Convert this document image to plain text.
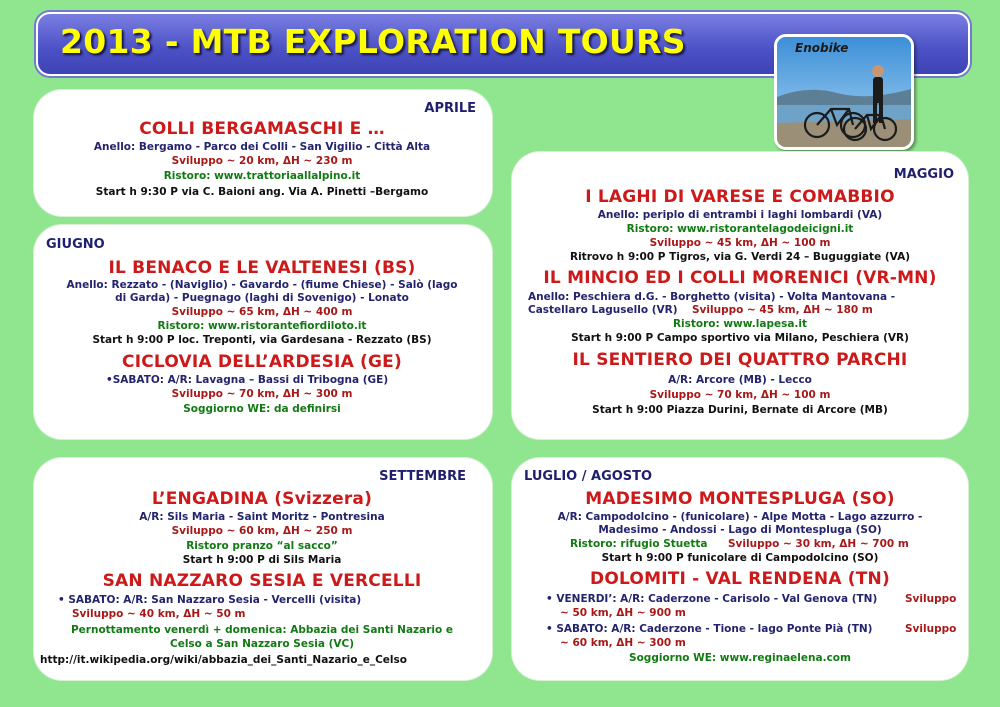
2013 - MTB EXPLORATION TOURS	Enobike
APRILE
COLLI BERGAMASCHI E …
Anello: Bergamo - Parco dei Colli - San Vigilio - Città Alta
Sviluppo ~ 20 km, ΔH ~ 230 m
Ristoro: www.trattoriaallalpino.it
Start h 9:30 P via C. Baioni ang. Via A. Pinetti –Bergamo
GIUGNO
IL BENACO E LE VALTENESI (BS)
Anello: Rezzato - (Naviglio) - Gavardo - (fiume Chiese) - Salò (lago
di Garda) - Puegnago (laghi di Sovenigo) - Lonato
Sviluppo ~ 65 km, ΔH ~ 400 m
Ristoro: www.ristorantefiordiloto.it
Start h 9:00 P loc. Treponti, via Gardesana - Rezzato (BS)
CICLOVIA DELL’ARDESIA (GE)
•SABATO: A/R: Lavagna – Bassi di Tribogna (GE)
Sviluppo ~ 70 km, ΔH ~ 300 m
Soggiorno WE: da definirsi
MAGGIO
I LAGHI DI VARESE E COMABBIO
Anello: periplo di entrambi i laghi lombardi (VA)
Ristoro: www.ristorantelagodeicigni.it
Sviluppo ~ 45 km, ΔH ~ 100 m
Ritrovo h 9:00 P Tigros, via G. Verdi 24 – Buguggiate (VA)
IL MINCIO ED I COLLI MORENICI (VR-MN)
Anello: Peschiera d.G. - Borghetto (visita) - Volta Mantovana -
Castellaro Lagusello (VR) Sviluppo ~ 45 km, ΔH ~ 180 m
Ristoro: www.lapesa.it
Start h 9:00 P Campo sportivo via Milano, Peschiera (VR)
IL SENTIERO DEI QUATTRO PARCHI
A/R: Arcore (MB) - Lecco
Sviluppo ~ 70 km, ΔH ~ 100 m
Start h 9:00 Piazza Durini, Bernate di Arcore (MB)
SETTEMBRE
L’ENGADINA (Svizzera)
A/R: Sils Maria - Saint Moritz - Pontresina
Sviluppo ~ 60 km, ΔH ~ 250 m
Ristoro pranzo “al sacco”
Start h 9:00 P di Sils Maria
SAN NAZZARO SESIA E VERCELLI
• SABATO: A/R: San Nazzaro Sesia - Vercelli (visita)
Sviluppo ~ 40 km, ΔH ~ 50 m
Pernottamento venerdì + domenica: Abbazia dei Santi Nazario e
Celso a San Nazzaro Sesia (VC)
http://it.wikipedia.org/wiki/abbazia_dei_Santi_Nazario_e_Celso
LUGLIO / AGOSTO
MADESIMO MONTESPLUGA (SO)
A/R: Campodolcino - (funicolare) - Alpe Motta - Lago azzurro -
Madesimo - Andossi - Lago di Montespluga (SO)
Ristoro: rifugio Stuetta Sviluppo ~ 30 km, ΔH ~ 700 m
Start h 9:00 P funicolare di Campodolcino (SO)
DOLOMITI - VAL RENDENA (TN)
• VENERDI’: A/R: Caderzone - Carisolo - Val Genova (TN)	Sviluppo
~ 50 km, ΔH ~ 900 m
• SABATO: A/R: Caderzone - Tione - lago Ponte Pià (TN)	Sviluppo
~ 60 km, ΔH ~ 300 m
Soggiorno WE: www.reginaelena.com
